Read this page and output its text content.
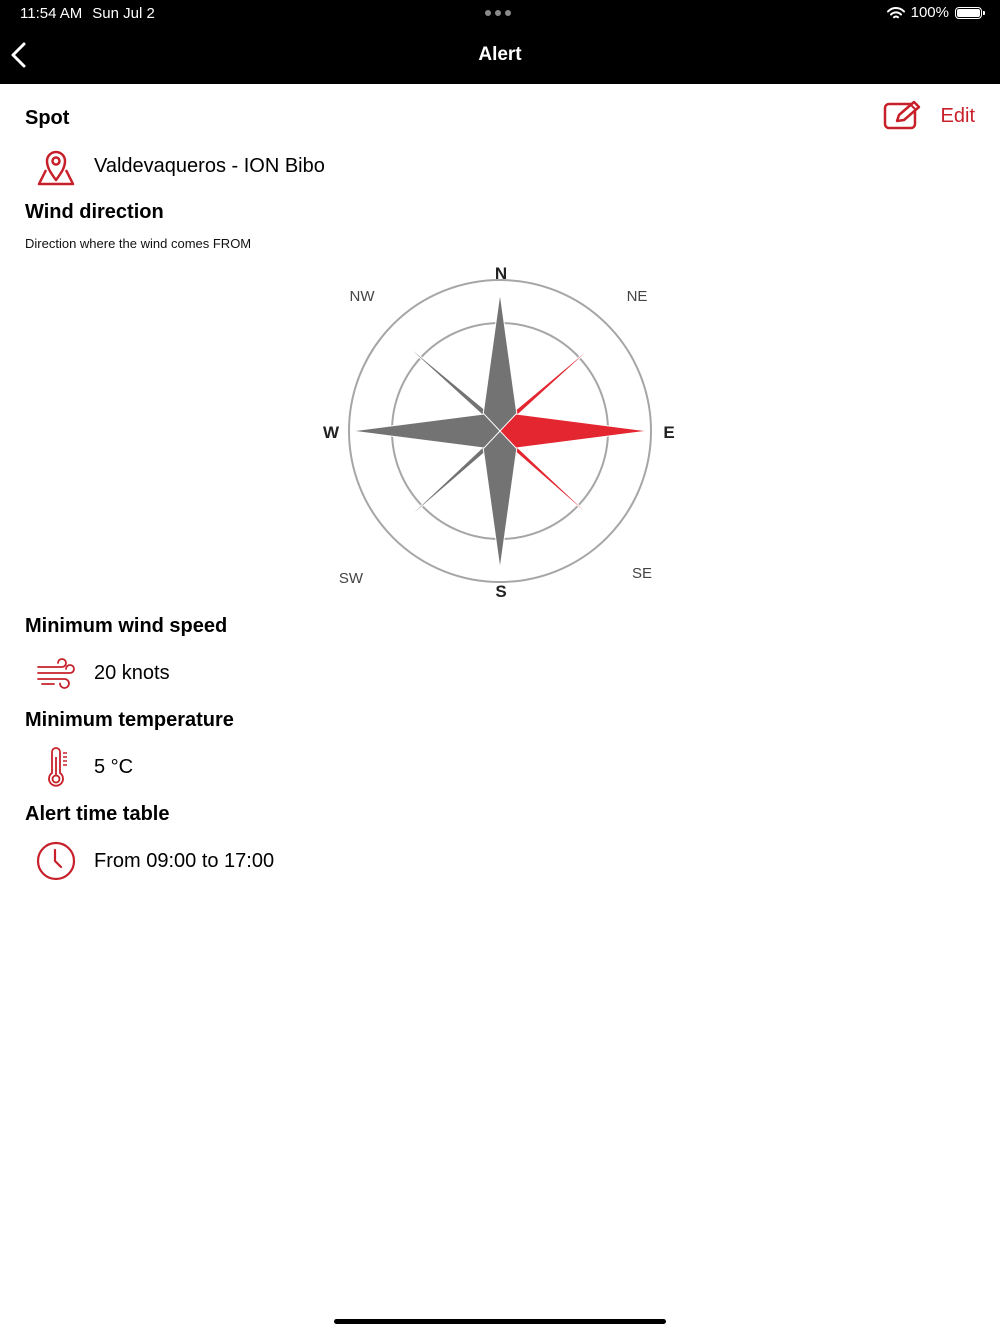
11:54 AM Sun Jul 2	100%
Alert
Spot	Edit
Valdevaqueros - ION Bibo
Wind direction
Direction where the wind comes FROM
N
NE
E
SE
S
SW
W
NW
Minimum wind speed
20 knots
Minimum temperature
5 °C
Alert time table
From 09:00 to 17:00
